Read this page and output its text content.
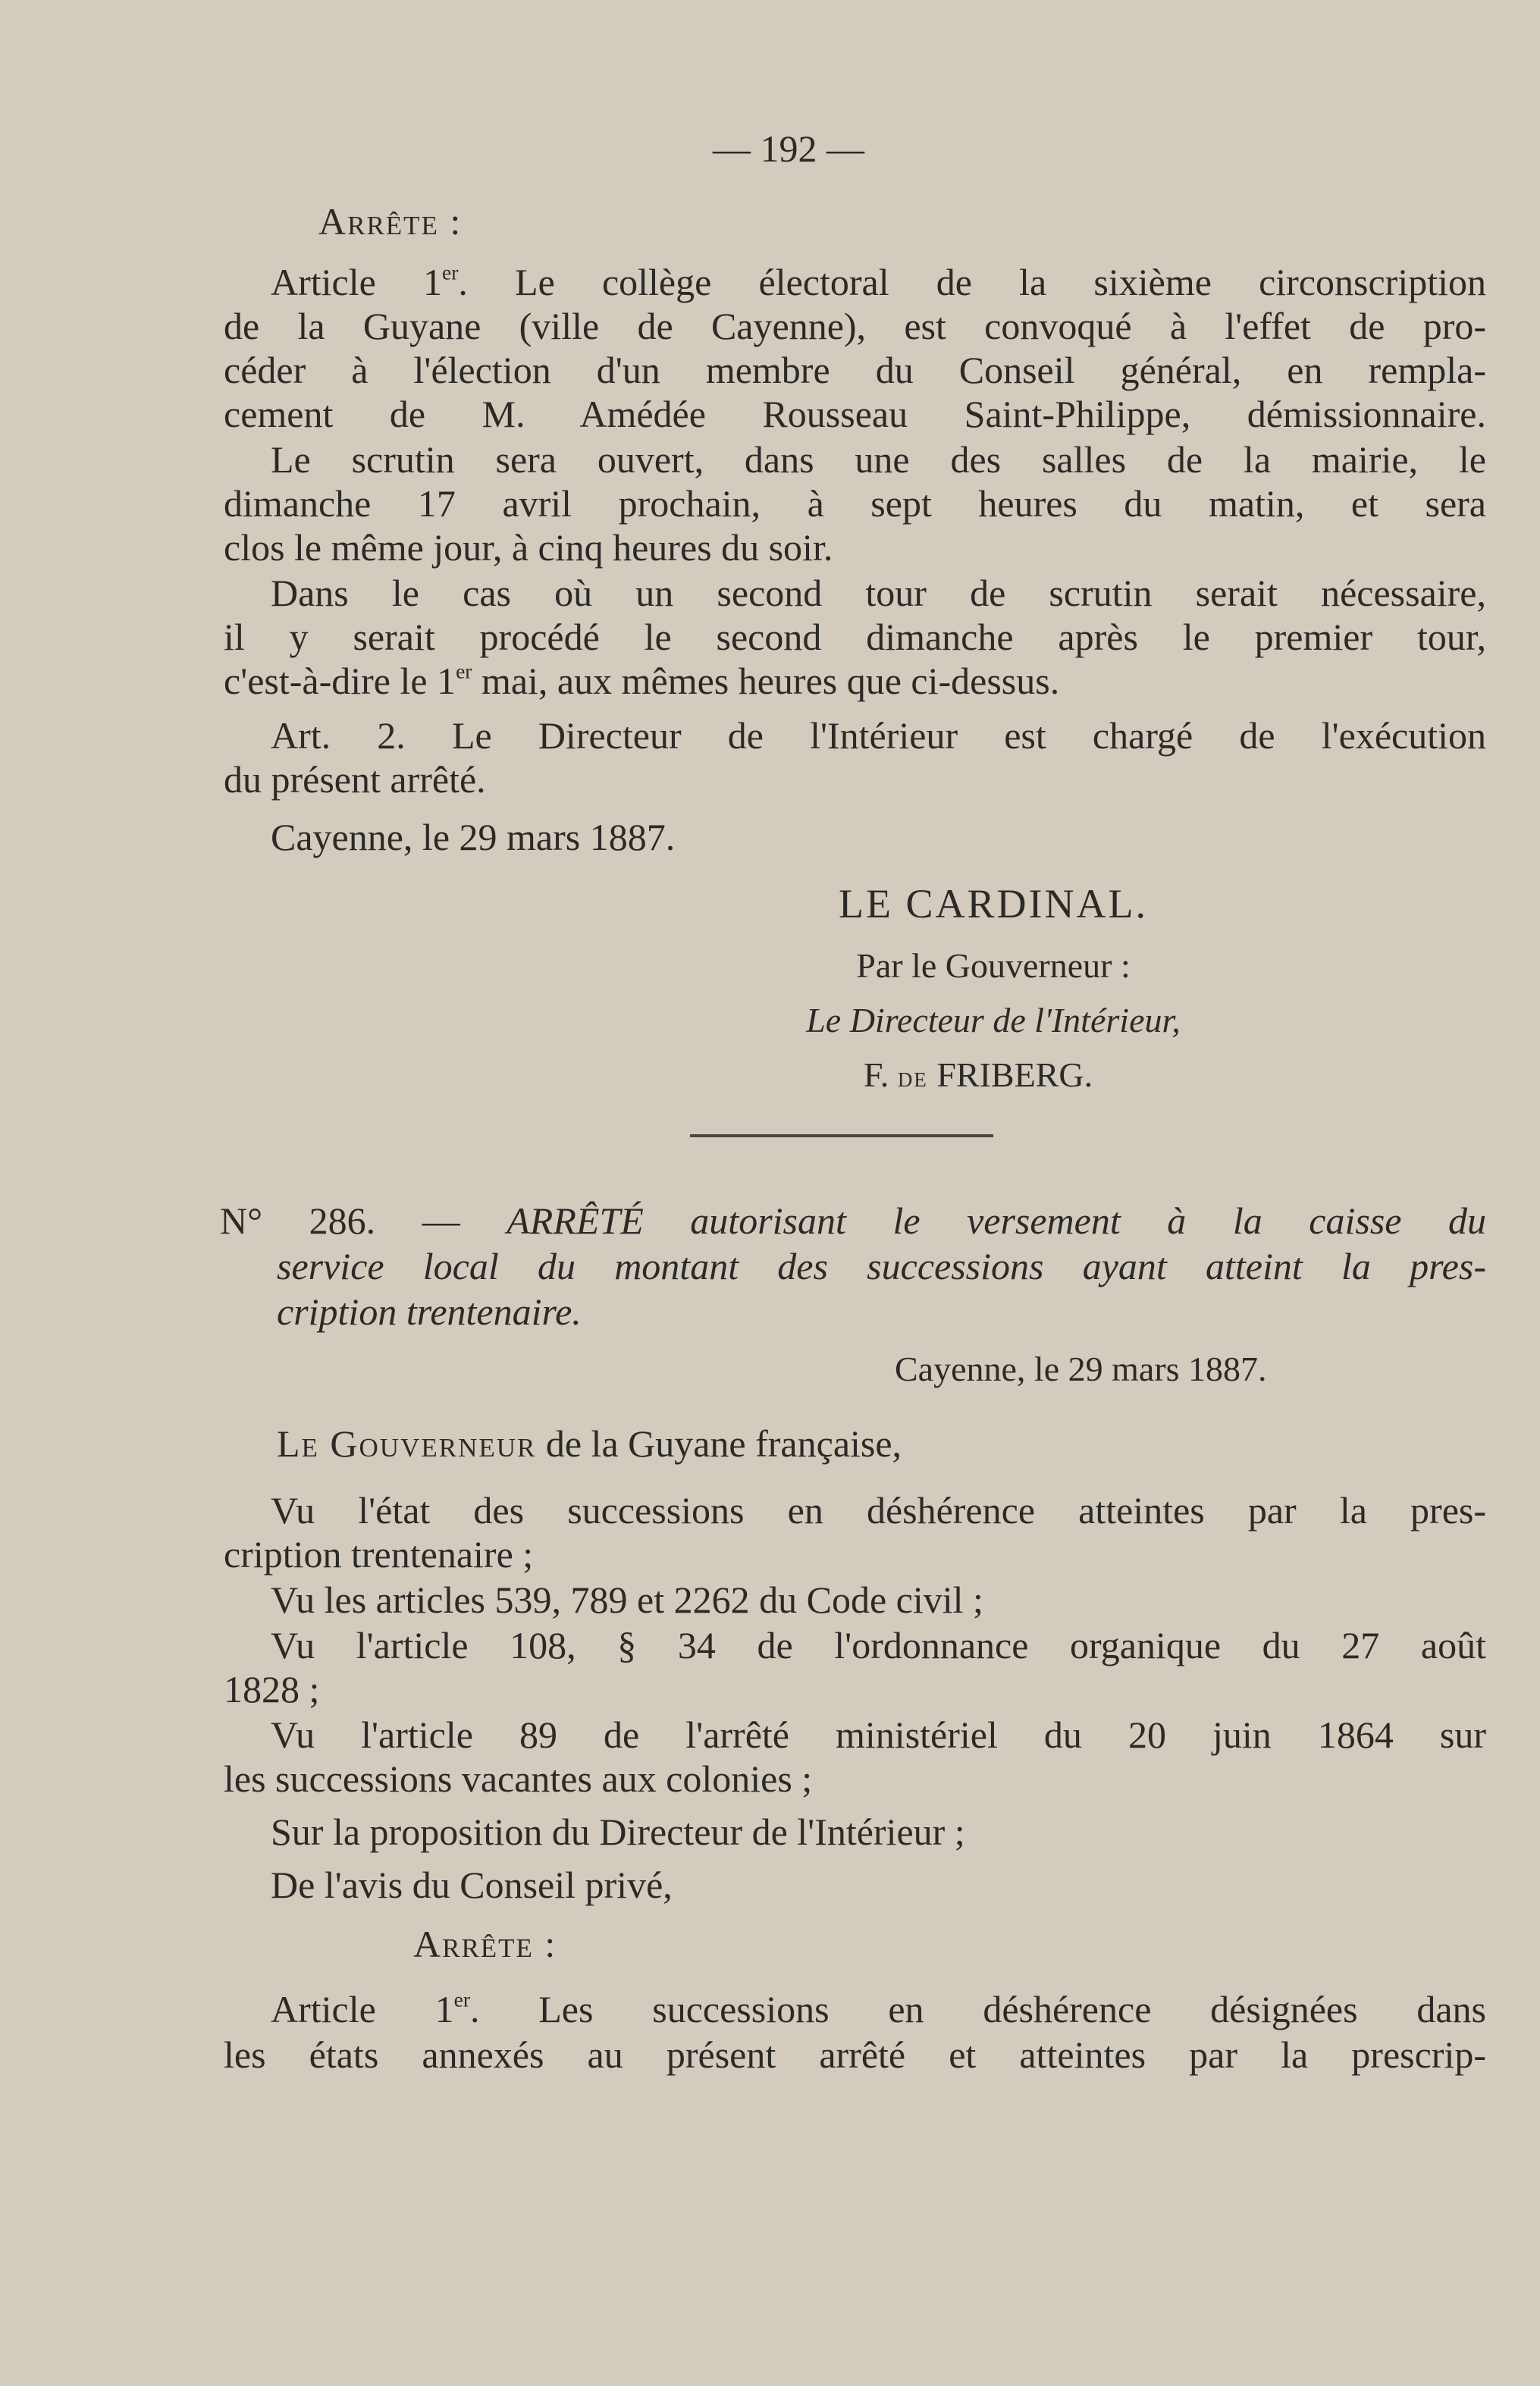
— 192 —
Arrête :
Article 1er. Le collège électoral de la sixième circonscription
de la Guyane (ville de Cayenne), est convoqué à l'effet de pro-
céder à l'élection d'un membre du Conseil général, en rempla-
cement de M. Amédée Rousseau Saint-Philippe, démissionnaire.
Le scrutin sera ouvert, dans une des salles de la mairie, le
dimanche 17 avril prochain, à sept heures du matin, et sera
clos le même jour, à cinq heures du soir.
Dans le cas où un second tour de scrutin serait nécessaire,
il y serait procédé le second dimanche après le premier tour,
c'est-à-dire le 1er mai, aux mêmes heures que ci-dessus.
Art. 2. Le Directeur de l'Intérieur est chargé de l'exécution
du présent arrêté.
Cayenne, le 29 mars 1887.
LE CARDINAL.
Par le Gouverneur :
Le Directeur de l'Intérieur,
F. de FRIBERG.
N° 286. — ARRÊTÉ autorisant le versement à la caisse du
service local du montant des successions ayant atteint la pres-
cription trentenaire.
Cayenne, le 29 mars 1887.
Le Gouverneur de la Guyane française,
Vu l'état des successions en déshérence atteintes par la pres-
cription trentenaire ;
Vu les articles 539, 789 et 2262 du Code civil ;
Vu l'article 108, § 34 de l'ordonnance organique du 27 août
1828 ;
Vu l'article 89 de l'arrêté ministériel du 20 juin 1864 sur
les successions vacantes aux colonies ;
Sur la proposition du Directeur de l'Intérieur ;
De l'avis du Conseil privé,
Arrête :
Article 1er. Les successions en déshérence désignées dans
les états annexés au présent arrêté et atteintes par la prescrip-
